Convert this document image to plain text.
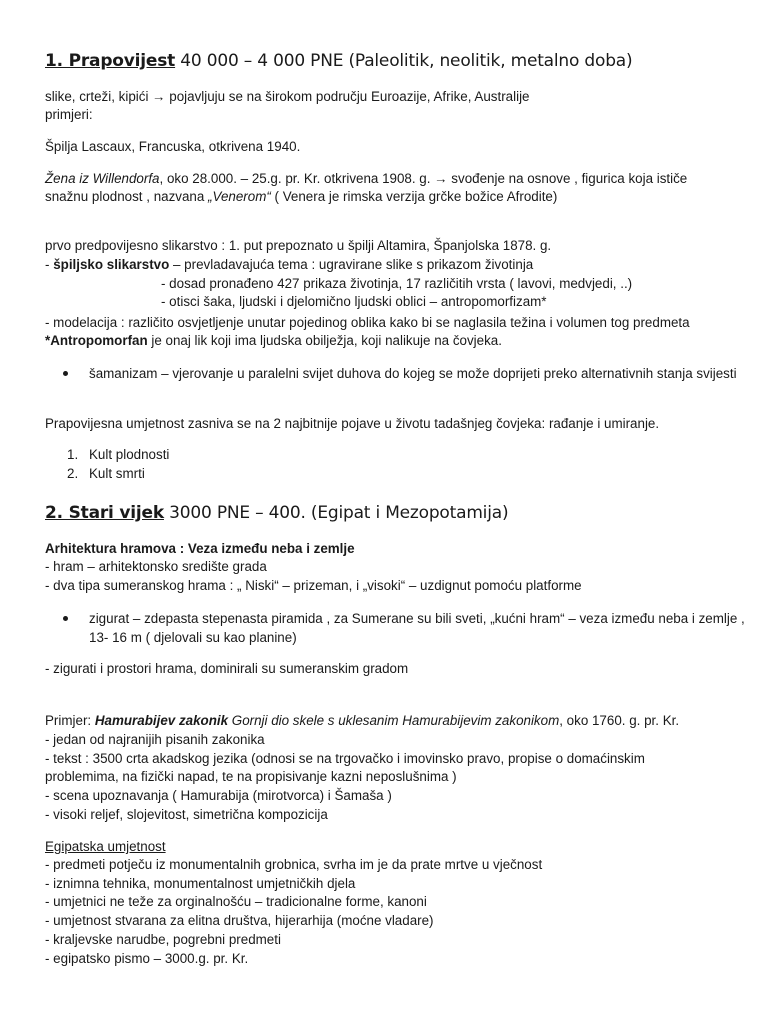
1. Prapovijest 40 000 – 4 000 PNE (Paleolitik, neolitik, metalno doba)
slike, crteži, kipići → pojavljuju se na širokom području Euroazije, Afrike, Australije
primjeri:
Špilja Lascaux, Francuska, otkrivena 1940.
Žena iz Willendorfa, oko 28.000. – 25.g. pr. Kr. otkrivena 1908. g. → svođenje na osnove , figurica koja ističe
snažnu plodnost , nazvana „Venerom“ ( Venera je rimska verzija grčke božice Afrodite)
prvo predpovijesno slikarstvo : 1. put prepoznato u špilji Altamira, Španjolska 1878. g.
- špiljsko slikarstvo – prevladavajuća tema : ugravirane slike s prikazom životinja
- dosad pronađeno 427 prikaza životinja, 17 različitih vrsta ( lavovi, medvjedi, ..)
- otisci šaka, ljudski i djelomično ljudski oblici – antropomorfizam*
- modelacija : različito osvjetljenje unutar pojedinog oblika kako bi se naglasila težina i volumen tog predmeta
*Antropomorfan je onaj lik koji ima ljudska obilježja, koji nalikuje na čovjeka.
šamanizam – vjerovanje u paralelni svijet duhova do kojeg se može doprijeti preko alternativnih stanja svijesti
Prapovijesna umjetnost zasniva se na 2 najbitnije pojave u životu tadašnjeg čovjeka: rađanje i umiranje.
1. Kult plodnosti
2. Kult smrti
2. Stari vijek 3000 PNE – 400. (Egipat i Mezopotamija)
Arhitektura hramova : Veza između neba i zemlje
- hram – arhitektonsko središte grada
- dva tipa sumeranskog hrama : „ Niski“ – prizeman, i „visoki“ – uzdignut pomoću platforme
zigurat – zdepasta stepenasta piramida , za Sumerane su bili sveti, „kućni hram“ – veza između neba i zemlje , 13- 16 m ( djelovali su kao planine)
- zigurati i prostori hrama, dominirali su sumeranskim gradom
Primjer: Hamurabijev zakonik Gornji dio skele s uklesanim Hamurabijevim zakonikom, oko 1760. g. pr. Kr.
- jedan od najranijih pisanih zakonika
- tekst : 3500 crta akadskog jezika (odnosi se na trgovačko i imovinsko pravo, propise o domaćinskim
problemima, na fizički napad, te na propisivanje kazni neposlušnima )
- scena upoznavanja ( Hamurabija (mirotvorca) i Šamaša )
- visoki reljef, slojevitost, simetrična kompozicija
Egipatska umjetnost
- predmeti potječu iz monumentalnih grobnica, svrha im je da prate mrtve u vječnost
- iznimna tehnika, monumentalnost umjetničkih djela
- umjetnici ne teže za orginalnošću – tradicionalne forme, kanoni
- umjetnost stvarana za elitna društva, hijerarhija (moćne vladare)
- kraljevske narudbe, pogrebni predmeti
- egipatsko pismo – 3000.g. pr. Kr.
